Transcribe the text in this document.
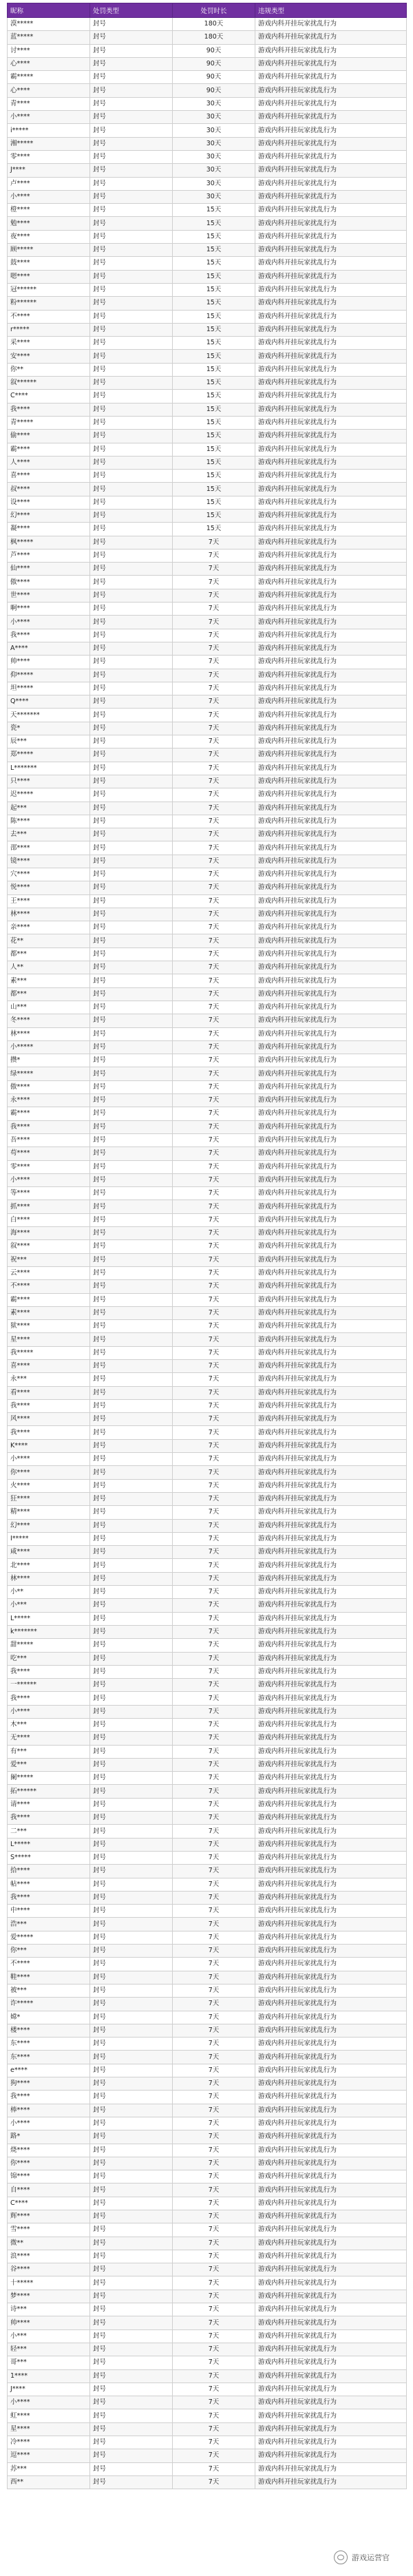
昵称	处罚类型	处罚时长	违规类型
漠*****	封号	180天	游戏内科开挂玩家扰乱行为
蓝*****	封号	180天	游戏内科开挂玩家扰乱行为
讨****	封号	90天	游戏内科开挂玩家扰乱行为
心****	封号	90天	游戏内科开挂玩家扰乱行为
霸*****	封号	90天	游戏内科开挂玩家扰乱行为
心****	封号	90天	游戏内科开挂玩家扰乱行为
青****	封号	30天	游戏内科开挂玩家扰乱行为
小****	封号	30天	游戏内科开挂玩家扰乱行为
i*****	封号	30天	游戏内科开挂玩家扰乱行为
湘*****	封号	30天	游戏内科开挂玩家扰乱行为
零****	封号	30天	游戏内科开挂玩家扰乱行为
J****	封号	30天	游戏内科开挂玩家扰乱行为
卢****	封号	30天	游戏内科开挂玩家扰乱行为
小****	封号	30天	游戏内科开挂玩家扰乱行为
橙****	封号	15天	游戏内科开挂玩家扰乱行为
勉****	封号	15天	游戏内科开挂玩家扰乱行为
夜****	封号	15天	游戏内科开挂玩家扰乱行为
顾*****	封号	15天	游戏内科开挂玩家扰乱行为
鼓****	封号	15天	游戏内科开挂玩家扰乱行为
嗯****	封号	15天	游戏内科开挂玩家扰乱行为
冠******	封号	15天	游戏内科开挂玩家扰乱行为
粉******	封号	15天	游戏内科开挂玩家扰乱行为
不****	封号	15天	游戏内科开挂玩家扰乱行为
r*****	封号	15天	游戏内科开挂玩家扰乱行为
采****	封号	15天	游戏内科开挂玩家扰乱行为
安****	封号	15天	游戏内科开挂玩家扰乱行为
你**	封号	15天	游戏内科开挂玩家扰乱行为
叙******	封号	15天	游戏内科开挂玩家扰乱行为
C****	封号	15天	游戏内科开挂玩家扰乱行为
我****	封号	15天	游戏内科开挂玩家扰乱行为
青*****	封号	15天	游戏内科开挂玩家扰乱行为
偷****	封号	15天	游戏内科开挂玩家扰乱行为
霸****	封号	15天	游戏内科开挂玩家扰乱行为
人****	封号	15天	游戏内科开挂玩家扰乱行为
喜****	封号	15天	游戏内科开挂玩家扰乱行为
叔****	封号	15天	游戏内科开挂玩家扰乱行为
设****	封号	15天	游戏内科开挂玩家扰乱行为
幻****	封号	15天	游戏内科开挂玩家扰乱行为
凝****	封号	15天	游戏内科开挂玩家扰乱行为
枫*****	封号	7天	游戏内科开挂玩家扰乱行为
芦****	封号	7天	游戏内科开挂玩家扰乱行为
仙****	封号	7天	游戏内科开挂玩家扰乱行为
傲****	封号	7天	游戏内科开挂玩家扰乱行为
世****	封号	7天	游戏内科开挂玩家扰乱行为
啊****	封号	7天	游戏内科开挂玩家扰乱行为
小****	封号	7天	游戏内科开挂玩家扰乱行为
我****	封号	7天	游戏内科开挂玩家扰乱行为
A****	封号	7天	游戏内科开挂玩家扰乱行为
帅****	封号	7天	游戏内科开挂玩家扰乱行为
仰*****	封号	7天	游戏内科开挂玩家扰乱行为
坦*****	封号	7天	游戏内科开挂玩家扰乱行为
Q****	封号	7天	游戏内科开挂玩家扰乱行为
天*******	封号	7天	游戏内科开挂玩家扰乱行为
瓷*	封号	7天	游戏内科开挂玩家扰乱行为
辰***	封号	7天	游戏内科开挂玩家扰乱行为
郑*****	封号	7天	游戏内科开挂玩家扰乱行为
L*******	封号	7天	游戏内科开挂玩家扰乱行为
只****	封号	7天	游戏内科开挂玩家扰乱行为
迟*****	封号	7天	游戏内科开挂玩家扰乱行为
起***	封号	7天	游戏内科开挂玩家扰乱行为
陈****	封号	7天	游戏内科开挂玩家扰乱行为
去***	封号	7天	游戏内科开挂玩家扰乱行为
邵****	封号	7天	游戏内科开挂玩家扰乱行为
镜****	封号	7天	游戏内科开挂玩家扰乱行为
穴****	封号	7天	游戏内科开挂玩家扰乱行为
悦****	封号	7天	游戏内科开挂玩家扰乱行为
王****	封号	7天	游戏内科开挂玩家扰乱行为
林****	封号	7天	游戏内科开挂玩家扰乱行为
亲****	封号	7天	游戏内科开挂玩家扰乱行为
花**	封号	7天	游戏内科开挂玩家扰乱行为
都***	封号	7天	游戏内科开挂玩家扰乱行为
人**	封号	7天	游戏内科开挂玩家扰乱行为
素***	封号	7天	游戏内科开挂玩家扰乱行为
都***	封号	7天	游戏内科开挂玩家扰乱行为
山***	封号	7天	游戏内科开挂玩家扰乱行为
冬****	封号	7天	游戏内科开挂玩家扰乱行为
林****	封号	7天	游戏内科开挂玩家扰乱行为
小*****	封号	7天	游戏内科开挂玩家扰乱行为
攒*	封号	7天	游戏内科开挂玩家扰乱行为
绿*****	封号	7天	游戏内科开挂玩家扰乱行为
傲****	封号	7天	游戏内科开挂玩家扰乱行为
永****	封号	7天	游戏内科开挂玩家扰乱行为
霸****	封号	7天	游戏内科开挂玩家扰乱行为
我****	封号	7天	游戏内科开挂玩家扰乱行为
吾****	封号	7天	游戏内科开挂玩家扰乱行为
苟****	封号	7天	游戏内科开挂玩家扰乱行为
零****	封号	7天	游戏内科开挂玩家扰乱行为
小****	封号	7天	游戏内科开挂玩家扰乱行为
等****	封号	7天	游戏内科开挂玩家扰乱行为
抓****	封号	7天	游戏内科开挂玩家扰乱行为
白****	封号	7天	游戏内科开挂玩家扰乱行为
海****	封号	7天	游戏内科开挂玩家扰乱行为
叙****	封号	7天	游戏内科开挂玩家扰乱行为
祝***	封号	7天	游戏内科开挂玩家扰乱行为
云****	封号	7天	游戏内科开挂玩家扰乱行为
不****	封号	7天	游戏内科开挂玩家扰乱行为
霸****	封号	7天	游戏内科开挂玩家扰乱行为
素****	封号	7天	游戏内科开挂玩家扰乱行为
狱****	封号	7天	游戏内科开挂玩家扰乱行为
星****	封号	7天	游戏内科开挂玩家扰乱行为
我*****	封号	7天	游戏内科开挂玩家扰乱行为
喜****	封号	7天	游戏内科开挂玩家扰乱行为
永***	封号	7天	游戏内科开挂玩家扰乱行为
看****	封号	7天	游戏内科开挂玩家扰乱行为
我****	封号	7天	游戏内科开挂玩家扰乱行为
风****	封号	7天	游戏内科开挂玩家扰乱行为
我****	封号	7天	游戏内科开挂玩家扰乱行为
K****	封号	7天	游戏内科开挂玩家扰乱行为
小****	封号	7天	游戏内科开挂玩家扰乱行为
你****	封号	7天	游戏内科开挂玩家扰乱行为
火****	封号	7天	游戏内科开挂玩家扰乱行为
狂****	封号	7天	游戏内科开挂玩家扰乱行为
精****	封号	7天	游戏内科开挂玩家扰乱行为
幻****	封号	7天	游戏内科开挂玩家扰乱行为
I*****	封号	7天	游戏内科开挂玩家扰乱行为
咸****	封号	7天	游戏内科开挂玩家扰乱行为
北****	封号	7天	游戏内科开挂玩家扰乱行为
林****	封号	7天	游戏内科开挂玩家扰乱行为
小**	封号	7天	游戏内科开挂玩家扰乱行为
小***	封号	7天	游戏内科开挂玩家扰乱行为
L*****	封号	7天	游戏内科开挂玩家扰乱行为
k*******	封号	7天	游戏内科开挂玩家扰乱行为
甜*****	封号	7天	游戏内科开挂玩家扰乱行为
吃***	封号	7天	游戏内科开挂玩家扰乱行为
我****	封号	7天	游戏内科开挂玩家扰乱行为
一******	封号	7天	游戏内科开挂玩家扰乱行为
我****	封号	7天	游戏内科开挂玩家扰乱行为
小****	封号	7天	游戏内科开挂玩家扰乱行为
木***	封号	7天	游戏内科开挂玩家扰乱行为
无****	封号	7天	游戏内科开挂玩家扰乱行为
有***	封号	7天	游戏内科开挂玩家扰乱行为
爱***	封号	7天	游戏内科开挂玩家扰乱行为
阑*****	封号	7天	游戏内科开挂玩家扰乱行为
拓******	封号	7天	游戏内科开挂玩家扰乱行为
请****	封号	7天	游戏内科开挂玩家扰乱行为
我****	封号	7天	游戏内科开挂玩家扰乱行为
二***	封号	7天	游戏内科开挂玩家扰乱行为
L*****	封号	7天	游戏内科开挂玩家扰乱行为
S*****	封号	7天	游戏内科开挂玩家扰乱行为
拾****	封号	7天	游戏内科开挂玩家扰乱行为
帖****	封号	7天	游戏内科开挂玩家扰乱行为
我****	封号	7天	游戏内科开挂玩家扰乱行为
中****	封号	7天	游戏内科开挂玩家扰乱行为
浩***	封号	7天	游戏内科开挂玩家扰乱行为
爱*****	封号	7天	游戏内科开挂玩家扰乱行为
你***	封号	7天	游戏内科开挂玩家扰乱行为
不****	封号	7天	游戏内科开挂玩家扰乱行为
鞋****	封号	7天	游戏内科开挂玩家扰乱行为
被***	封号	7天	游戏内科开挂玩家扰乱行为
诈*****	封号	7天	游戏内科开挂玩家扰乱行为
嫦*	封号	7天	游戏内科开挂玩家扰乱行为
楼****	封号	7天	游戏内科开挂玩家扰乱行为
东****	封号	7天	游戏内科开挂玩家扰乱行为
东****	封号	7天	游戏内科开挂玩家扰乱行为
e****	封号	7天	游戏内科开挂玩家扰乱行为
狗****	封号	7天	游戏内科开挂玩家扰乱行为
我****	封号	7天	游戏内科开挂玩家扰乱行为
棒****	封号	7天	游戏内科开挂玩家扰乱行为
小****	封号	7天	游戏内科开挂玩家扰乱行为
路*	封号	7天	游戏内科开挂玩家扰乱行为
烧****	封号	7天	游戏内科开挂玩家扰乱行为
你****	封号	7天	游戏内科开挂玩家扰乱行为
锦****	封号	7天	游戏内科开挂玩家扰乱行为
自****	封号	7天	游戏内科开挂玩家扰乱行为
C****	封号	7天	游戏内科开挂玩家扰乱行为
辉****	封号	7天	游戏内科开挂玩家扰乱行为
雪****	封号	7天	游戏内科开挂玩家扰乱行为
微**	封号	7天	游戏内科开挂玩家扰乱行为
浪****	封号	7天	游戏内科开挂玩家扰乱行为
谷****	封号	7天	游戏内科开挂玩家扰乱行为
十*****	封号	7天	游戏内科开挂玩家扰乱行为
梦****	封号	7天	游戏内科开挂玩家扰乱行为
诗***	封号	7天	游戏内科开挂玩家扰乱行为
帅****	封号	7天	游戏内科开挂玩家扰乱行为
小***	封号	7天	游戏内科开挂玩家扰乱行为
轻***	封号	7天	游戏内科开挂玩家扰乱行为
哥***	封号	7天	游戏内科开挂玩家扰乱行为
1****	封号	7天	游戏内科开挂玩家扰乱行为
J****	封号	7天	游戏内科开挂玩家扰乱行为
小****	封号	7天	游戏内科开挂玩家扰乱行为
虹****	封号	7天	游戏内科开挂玩家扰乱行为
星****	封号	7天	游戏内科开挂玩家扰乱行为
冷****	封号	7天	游戏内科开挂玩家扰乱行为
逗****	封号	7天	游戏内科开挂玩家扰乱行为
苏***	封号	7天	游戏内科开挂玩家扰乱行为
西**	封号	7天	游戏内科开挂玩家扰乱行为
游戏运营官
